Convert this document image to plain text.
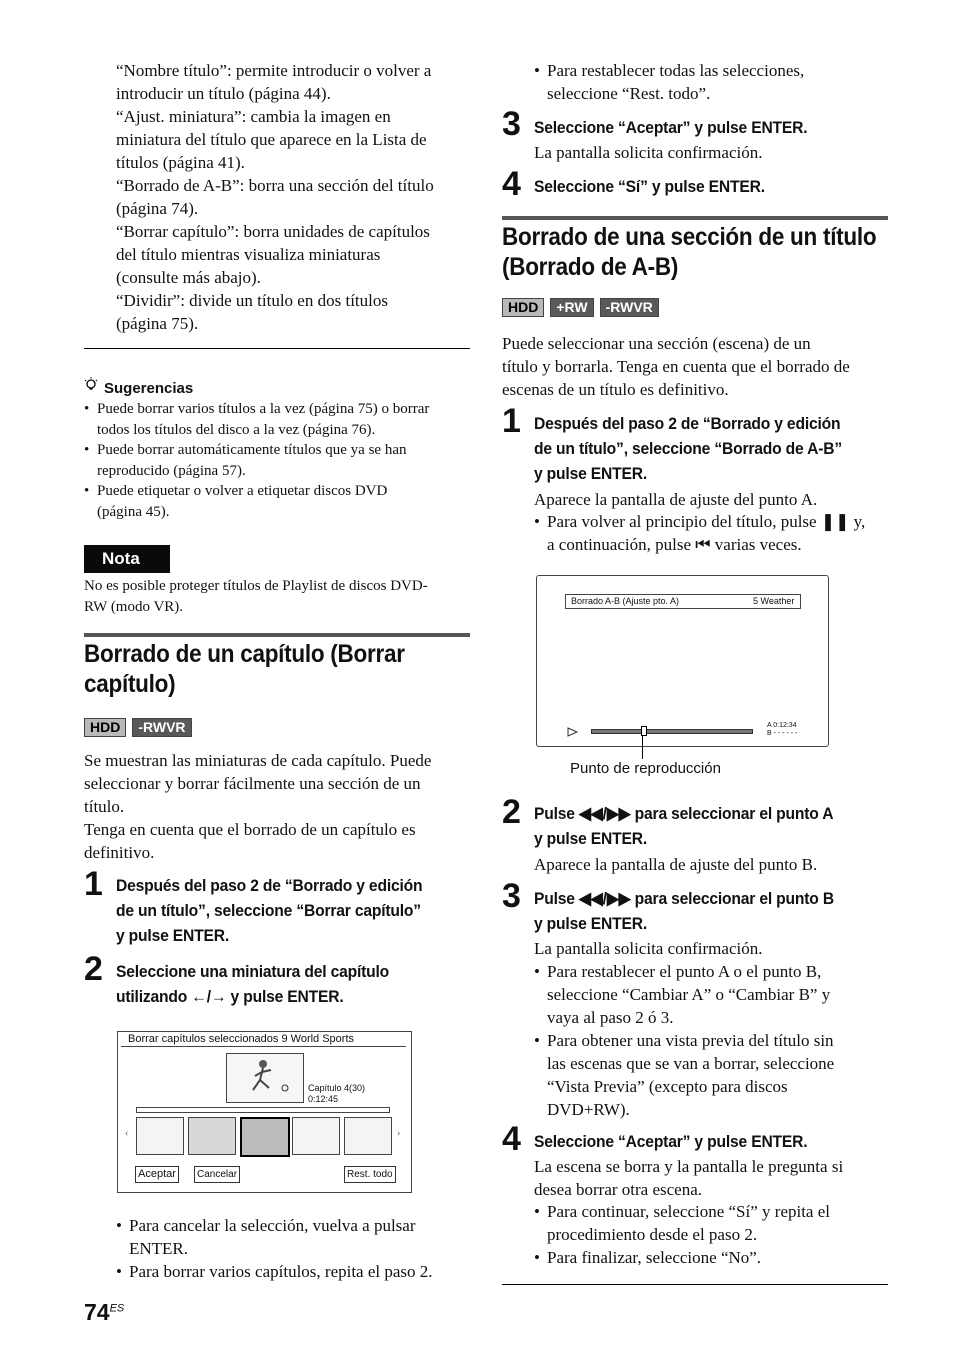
“Nombre título”: permite introducir o volver a
introducir un título (página 44).
“Ajust. miniatura”: cambia la imagen en
miniatura del título que aparece en la Lista de
títulos (página 41).
“Borrado de A-B”: borra una sección del título
(página 74).
“Borrar capítulo”: borra unidades de capítulos
del título mientras visualiza miniaturas
(consulte más abajo).
“Dividir”: divide un título en dos títulos
(página 75).
Sugerencias
• Puede borrar varios títulos a la vez (página 75) o borrar
todos los títulos del disco a la vez (página 76).
• Puede borrar automáticamente títulos que ya se han
reproducido (página 57).
• Puede etiquetar o volver a etiquetar discos DVD
(página 45).
Nota
No es posible proteger títulos de Playlist de discos DVD-
RW (modo VR).
Borrado de un capítulo (Borrar
capítulo)
HDD -RWVR
Se muestran las miniaturas de cada capítulo. Puede
seleccionar y borrar fácilmente una sección de un
título.
Tenga en cuenta que el borrado de un capítulo es
definitivo.
1 Después del paso 2 de “Borrado y edición
de un título”, seleccione “Borrar capítulo”
y pulse ENTER.
2 Seleccione una miniatura del capítulo
utilizando ←/→ y pulse ENTER.
Borrar capítulos seleccionados 9 World Sports
Capítulo 4(30)
0:12:45
‹	›
Aceptar	Cancelar	Rest. todo
• Para cancelar la selección, vuelva a pulsar
ENTER.
• Para borrar varios capítulos, repita el paso 2.
$74^{ES}$
• Para restablecer todas las selecciones,
seleccione “Rest. todo”.
3 Seleccione “Aceptar” y pulse ENTER.
La pantalla solicita confirmación.
4 Seleccione “Sí” y pulse ENTER.
Borrado de una sección de un título
(Borrado de A-B)
HDD +RW -RWVR
Puede seleccionar una sección (escena) de un
título y borrarla. Tenga en cuenta que el borrado de
escenas de un título es definitivo.
1 Después del paso 2 de “Borrado y edición
de un título”, seleccione “Borrado de A-B”
y pulse ENTER.
Aparece la pantalla de ajuste del punto A.
• Para volver al principio del título, pulse ❚❚ y,
a continuación, pulse ⏮ varias veces.
Borrado A-B (Ajuste pto. A)	5 Weather
A 0:12:34
B - - - - - -
Punto de reproducción
2 Pulse ◀◀/▶▶ para seleccionar el punto A
y pulse ENTER.
Aparece la pantalla de ajuste del punto B.
3 Pulse ◀◀/▶▶ para seleccionar el punto B
y pulse ENTER.
La pantalla solicita confirmación.
• Para restablecer el punto A o el punto B,
seleccione “Cambiar A” o “Cambiar B” y
vaya al paso 2 ó 3.
• Para obtener una vista previa del título sin
las escenas que se van a borrar, seleccione
“Vista Previa” (excepto para discos
DVD+RW).
4 Seleccione “Aceptar” y pulse ENTER.
La escena se borra y la pantalla le pregunta si
desea borrar otra escena.
• Para continuar, seleccione “Sí” y repita el
procedimiento desde el paso 2.
• Para finalizar, seleccione “No”.
